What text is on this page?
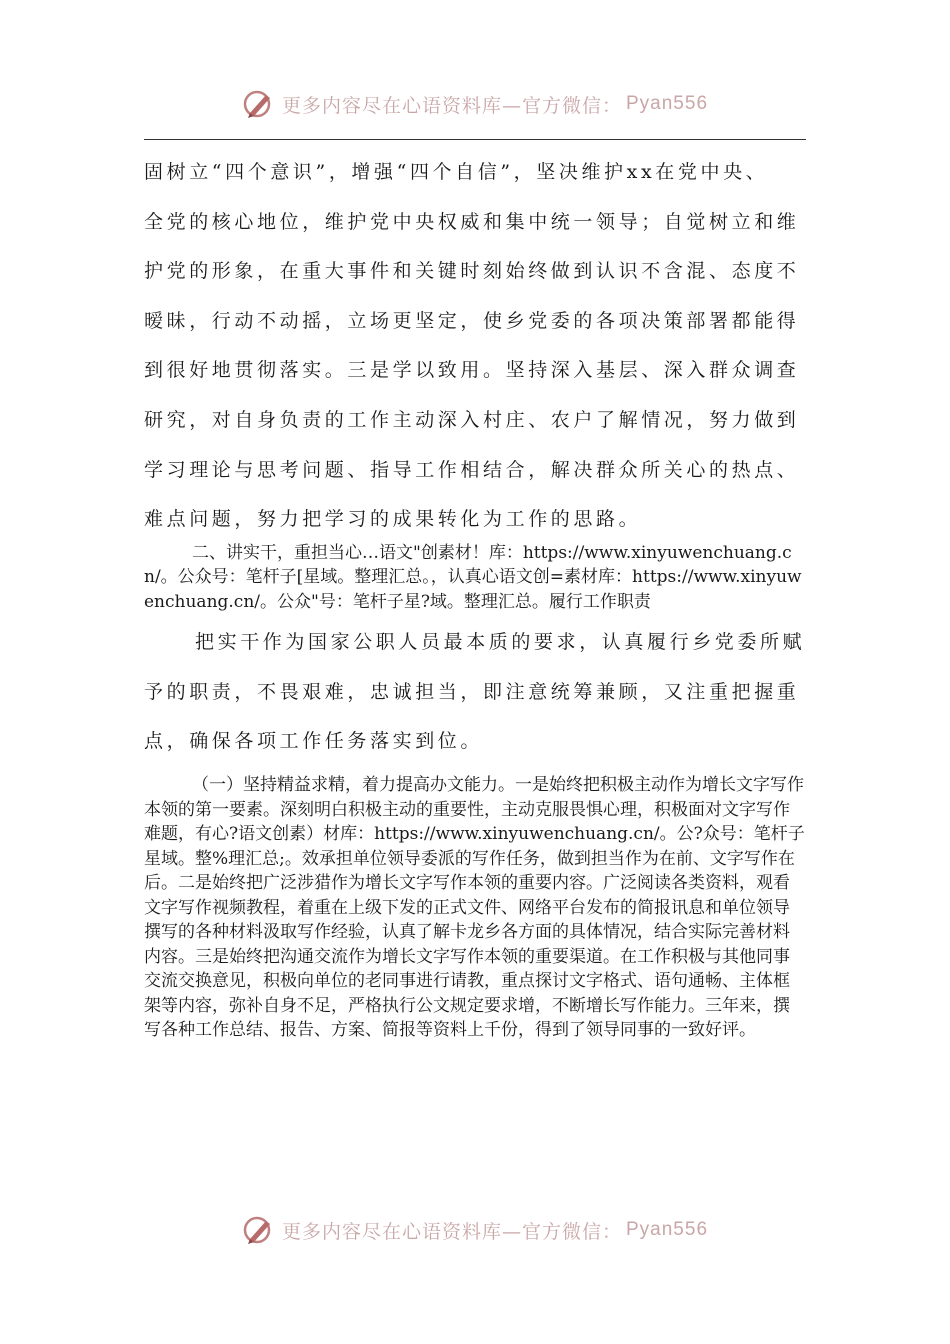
更多内容尽在心语资料库—官方微信： Pyan556
固树立“四个意识”，增强“四个自信”，坚决维护xx在党中央、
全党的核心地位，维护党中央权威和集中统一领导；自觉树立和维
护党的形象，在重大事件和关键时刻始终做到认识不含混、态度不
暧昧，行动不动摇，立场更坚定，使乡党委的各项决策部署都能得
到很好地贯彻落实。三是学以致用。坚持深入基层、深入群众调查
研究，对自身负责的工作主动深入村庄、农户了解情况，努力做到
学习理论与思考问题、指导工作相结合，解决群众所关心的热点、
难点问题，努力把学习的成果转化为工作的思路。

二、讲实干，重担当心…语文"创素材！库：https://www.xinyuwenchuang.cn/。公众号：笔杆子[星域。整理汇总。，认真心语文创=素材库：https://www.xinyuwenchuang.cn/。公众"号：笔杆子星?域。整理汇总。履行工作职责

把实干作为国家公职人员最本质的要求，认真履行乡党委所赋
予的职责，不畏艰难，忠诚担当，即注意统筹兼顾，又注重把握重
点，确保各项工作任务落实到位。

（一）坚持精益求精，着力提高办文能力。一是始终把积极主动作为增长文字写作本领的第一要素。深刻明白积极主动的重要性，主动克服畏惧心理，积极面对文字写作难题，有心?语文创素）材库：https://www.xinyuwenchuang.cn/。公?众号：笔杆子星域。整%理汇总;。效承担单位领导委派的写作任务，做到担当作为在前、文字写作在后。二是始终把广泛涉猎作为增长文字写作本领的重要内容。广泛阅读各类资料，观看文字写作视频教程，着重在上级下发的正式文件、网络平台发布的简报讯息和单位领导撰写的各种材料汲取写作经验，认真了解卡龙乡各方面的具体情况，结合实际完善材料内容。三是始终把沟通交流作为增长文字写作本领的重要渠道。在工作积极与其他同事交流交换意见，积极向单位的老同事进行请教，重点探讨文字格式、语句通畅、主体框架等内容，弥补自身不足，严格执行公文规定要求增，不断增长写作能力。三年来，撰写各种工作总结、报告、方案、简报等资料上千份，得到了领导同事的一致好评。

更多内容尽在心语资料库—官方微信： Pyan556
